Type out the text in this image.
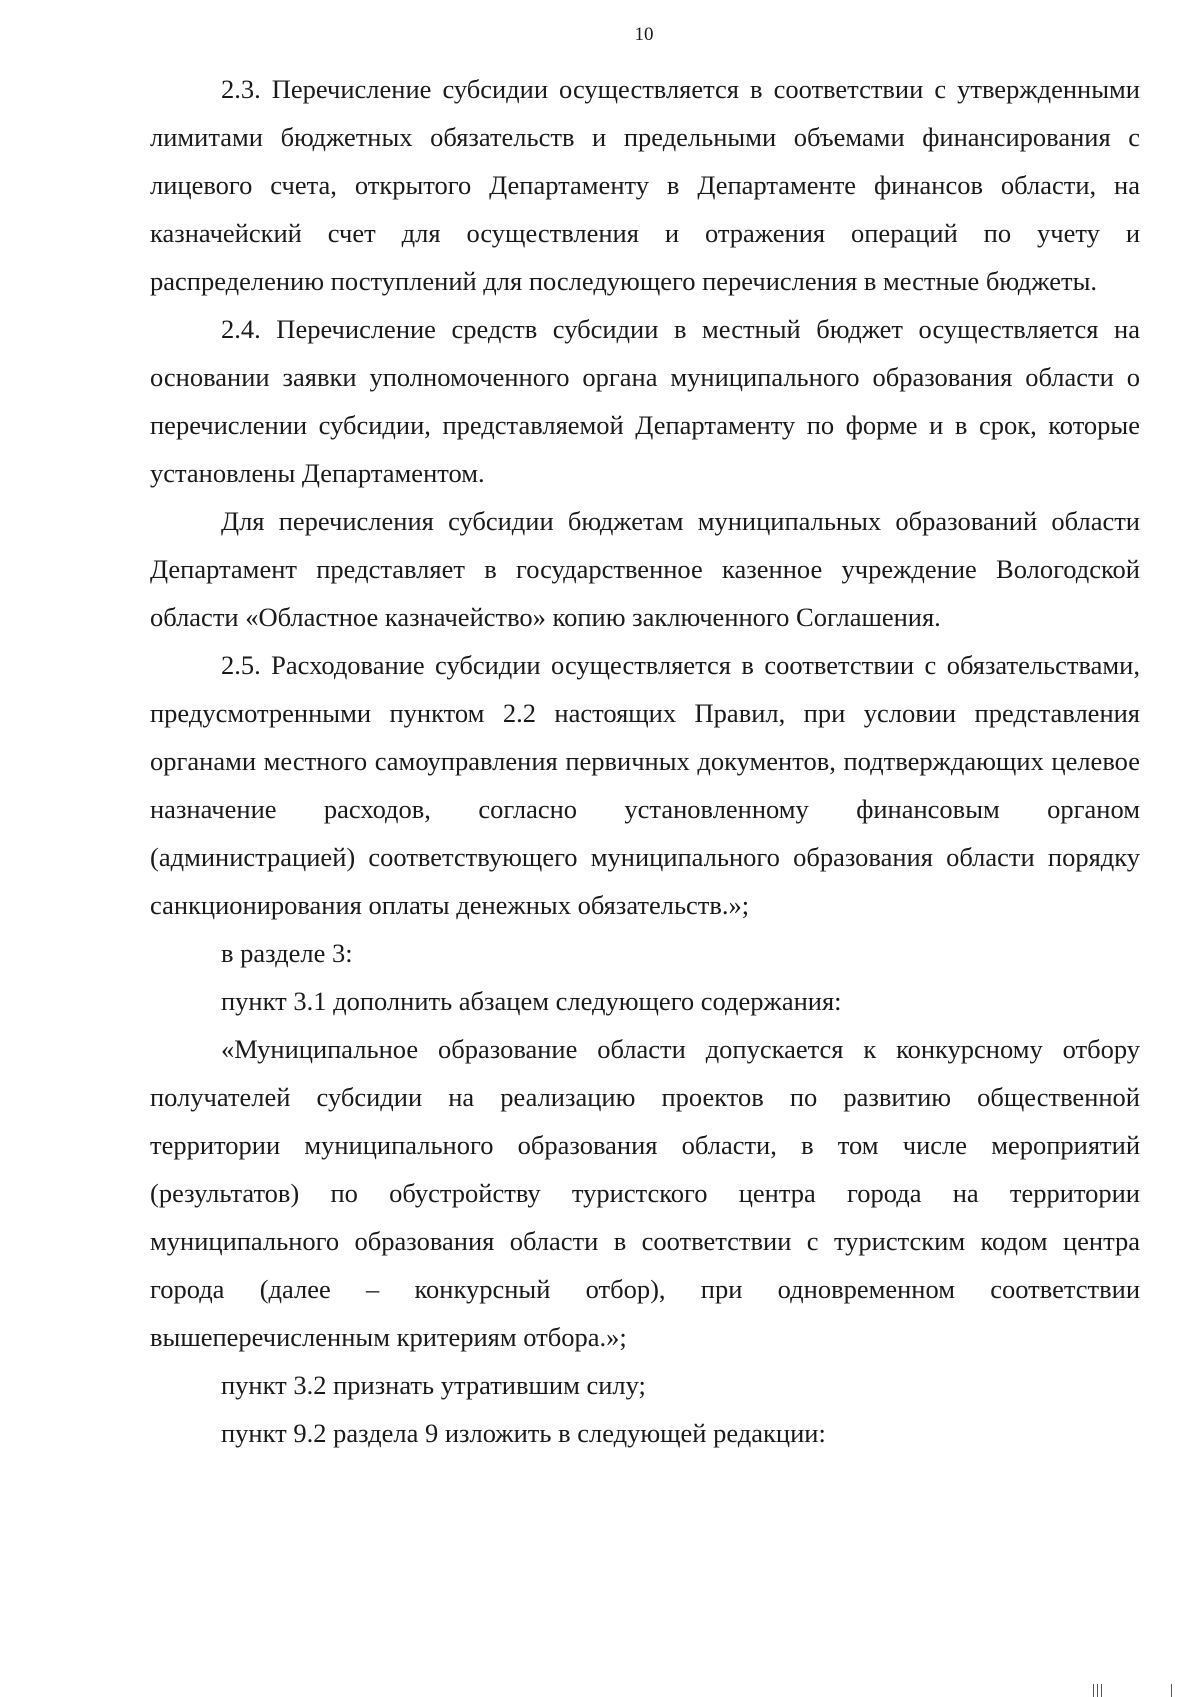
10

2.3. Перечисление субсидии осуществляется в соответствии с утвержденными лимитами бюджетных обязательств и предельными объемами финансирования с лицевого счета, открытого Департаменту в Департаменте финансов области, на казначейский счет для осуществления и отражения операций по учету и распределению поступлений для последующего перечисления в местные бюджеты.

2.4. Перечисление средств субсидии в местный бюджет осуществляется на основании заявки уполномоченного органа муниципального образования области о перечислении субсидии, представляемой Департаменту по форме и в срок, которые установлены Департаментом.

Для перечисления субсидии бюджетам муниципальных образований области Департамент представляет в государственное казенное учреждение Вологодской области «Областное казначейство» копию заключенного Соглашения.

2.5. Расходование субсидии осуществляется в соответствии с обязательствами, предусмотренными пунктом 2.2 настоящих Правил, при условии представления органами местного самоуправления первичных документов, подтверждающих целевое назначение расходов, согласно установленному финансовым органом (администрацией) соответствующего муниципального образования области порядку санкционирования оплаты денежных обязательств.»;

в разделе 3:

пункт 3.1 дополнить абзацем следующего содержания:

«Муниципальное образование области допускается к конкурсному отбору получателей субсидии на реализацию проектов по развитию общественной территории муниципального образования области, в том числе мероприятий (результатов) по обустройству туристского центра города на территории муниципального образования области в соответствии с туристским кодом центра города (далее – конкурсный отбор), при одновременном соответствии вышеперечисленным критериям отбора.»;

пункт 3.2 признать утратившим силу;

пункт 9.2 раздела 9 изложить в следующей редакции:
